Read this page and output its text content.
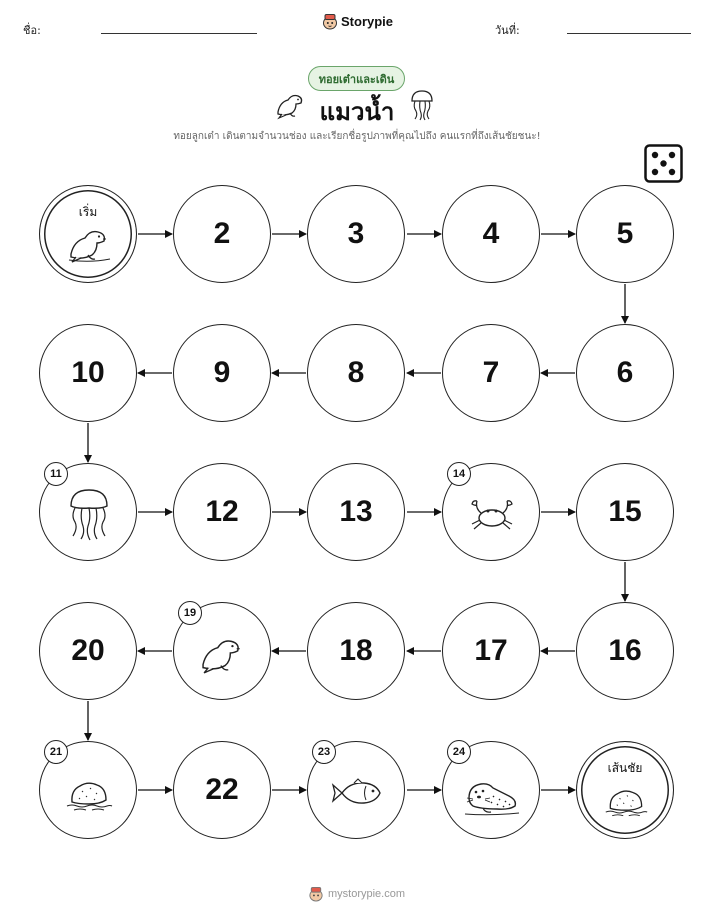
ชื่อ:
Storypie
วันที่:
ทอยเต๋าและเดิน
แมวน้ำ
ทอยลูกเต๋า เดินตามจำนวนช่อง และเรียกชื่อรูปภาพที่คุณไปถึง คนแรกที่ถึงเส้นชัยชนะ!
เริ่ม
2	3	4	5
6
7
8
9
10
11
12	13
14
15
16
17
18
19
20
21
22
23	24
เส้นชัย
mystorypie.com
